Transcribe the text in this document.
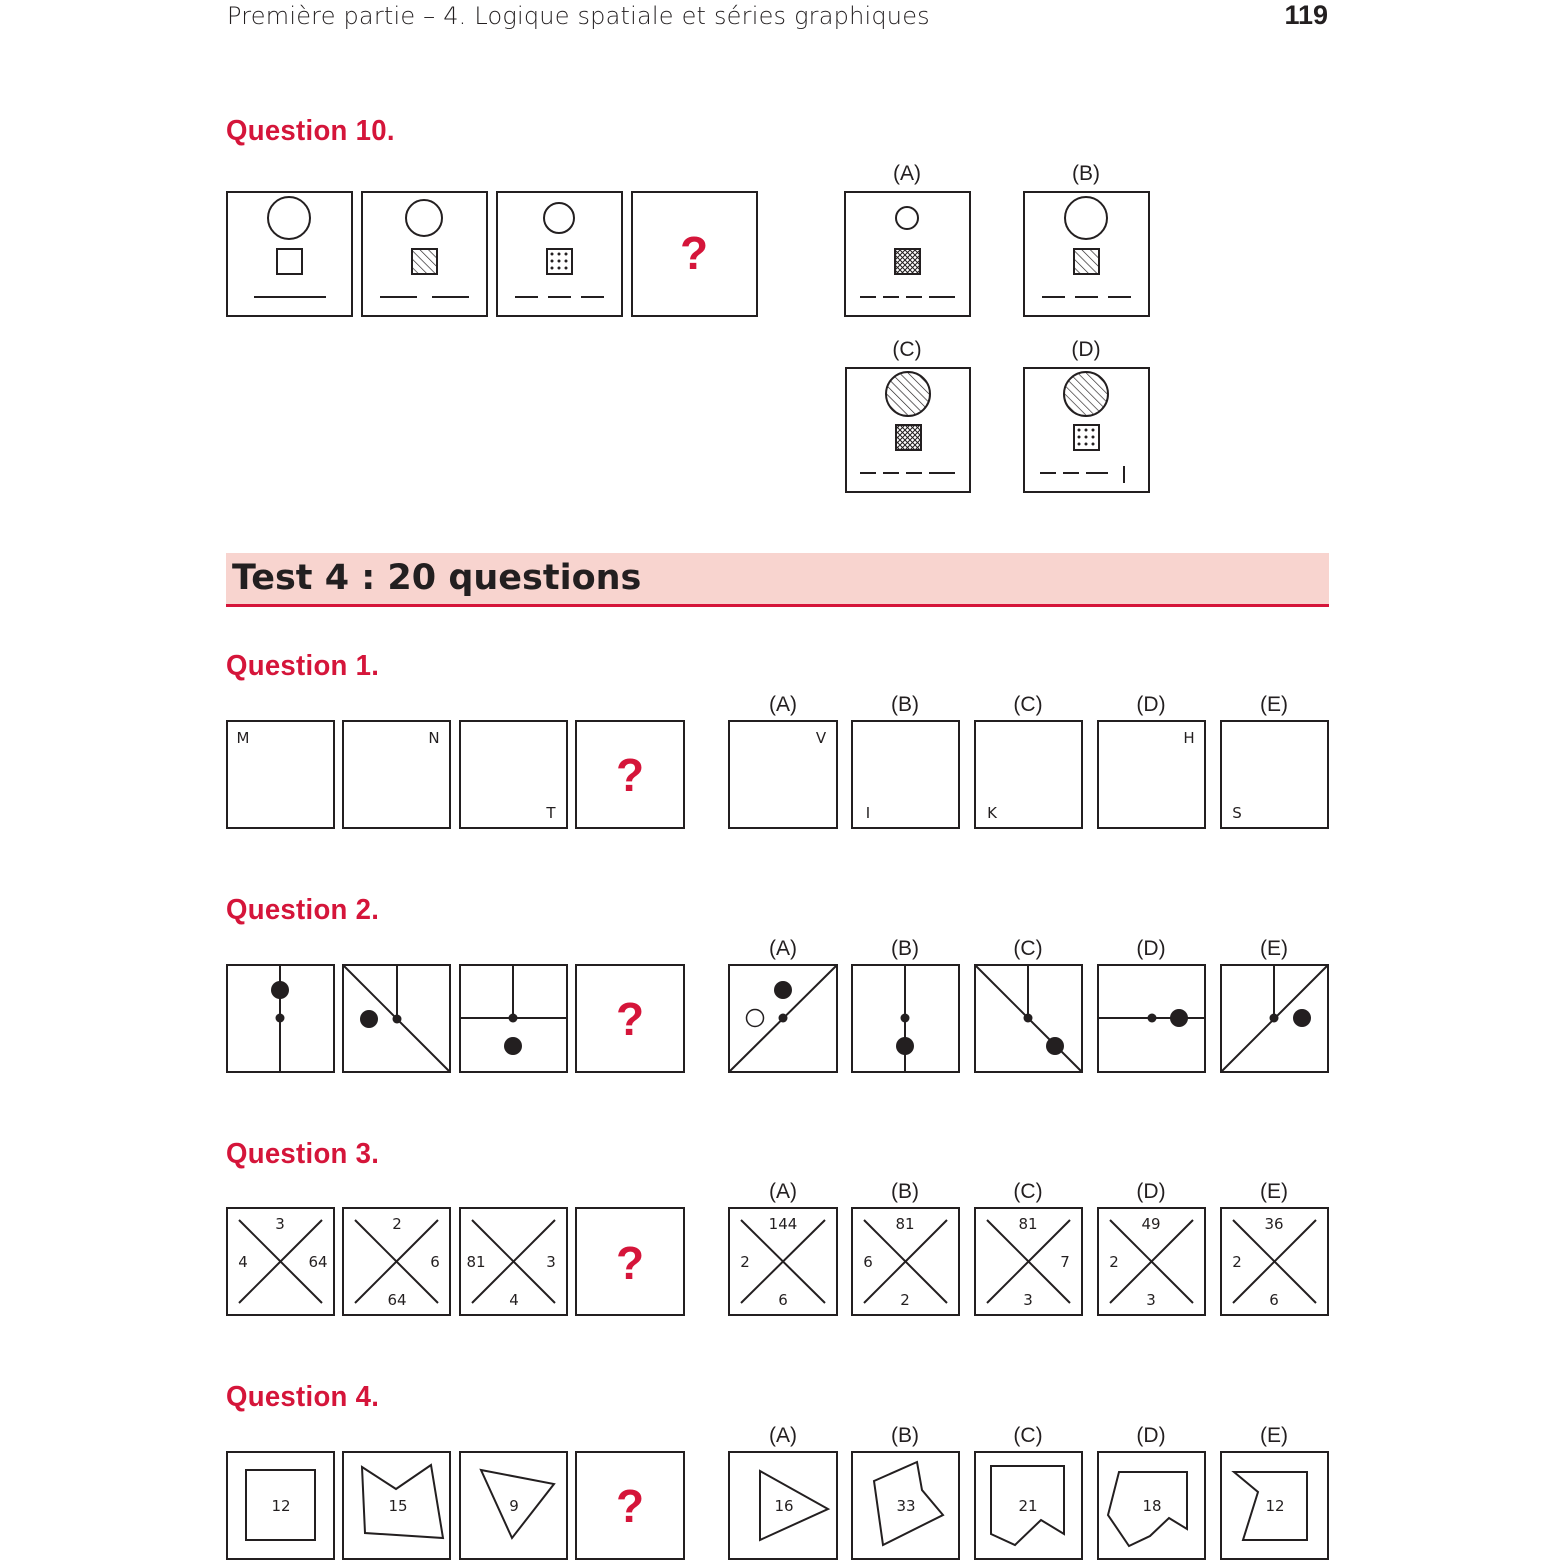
Première partie – 4. Logique spatiale et séries graphiques	119
Question 10.
Test 4 : 20 questions
Question 1.
Question 2.
Question 3.
Question 4.
?
(A)	(B)
(C)	(D)
M	N
T
?
(A)
V
(B)
I
(C)
K
(D)
H
(E)
S
?
(A)	(B)	(C)	(D)	(E)
3
4	64
2
6
64
81	3
4
?
(A)
144
2
6
(B)
81
6
2
(C)
81
7
3
(D)
49
2
3
(E)
36
2
6
12	15	9 ?
(A)
16
(B)
33
(C)
21
(D)
18
(E)
12
